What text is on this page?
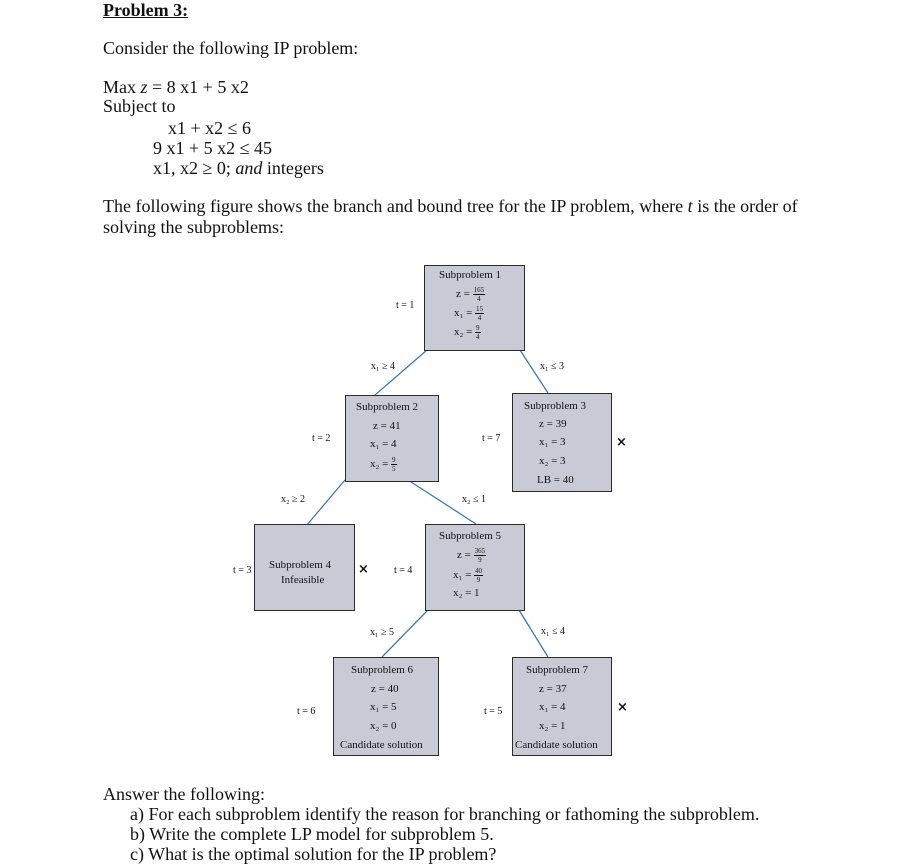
Problem 3:
Consider the following IP problem:
Max z = 8 x1 + 5 x2
Subject to
x1 + x2 ≤ 6
9 x1 + 5 x2 ≤ 45
x1, x2 ≥ 0; and integers
The following figure shows the branch and bound tree for the IP problem, where t is the order of
solving the subproblems:
Subproblem 1
$z = \frac{165}{4}$
$x_1 = \frac{15}{4}$
$x_2 = \frac{9}{4}$
t = 1
x₁ ≥ 4	x₁ ≤ 3
x₂ ≥ 2	x₂ ≤ 1
x₁ ≥ 5	x₁ ≤ 4
Subproblem 2
z = 41
x₁ = 4
$x_2 = \frac{9}{5}$
t = 2
Subproblem 3
z = 39
x₁ = 3
x₂ = 3
LB = 40
t = 7	×
Subproblem 4
Infeasible
t = 3	×
Subproblem 5
$z = \frac{365}{9}$
$x_1 = \frac{40}{9}$
x₂ = 1
t = 4
Subproblem 6
z = 40
x₁ = 5
x₂ = 0
Candidate solution
t = 6
Subproblem 7
z = 37
x₁ = 4
x₂ = 1
Candidate solution
t = 5	×
Answer the following:
a) For each subproblem identify the reason for branching or fathoming the subproblem.
b) Write the complete LP model for subproblem 5.
c) What is the optimal solution for the IP problem?
